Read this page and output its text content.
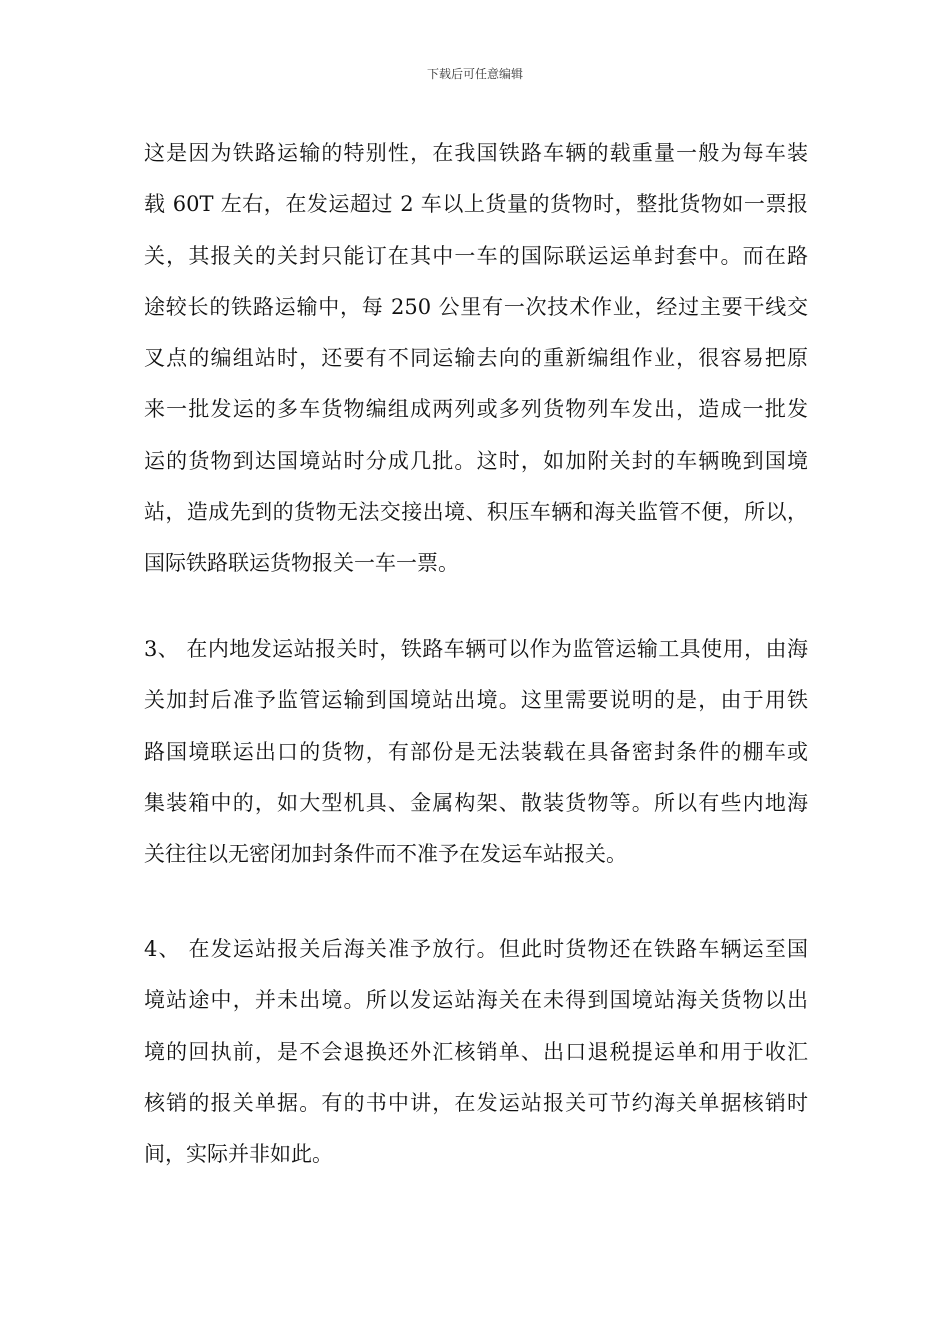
下载后可任意编辑
这是因为铁路运输的特别性，在我国铁路车辆的载重量一般为每车装
载 60T 左右，在发运超过 2 车以上货量的货物时，整批货物如一票报
关，其报关的关封只能订在其中一车的国际联运运单封套中。而在路
途较长的铁路运输中，每 250 公里有一次技术作业，经过主要干线交
叉点的编组站时，还要有不同运输去向的重新编组作业，很容易把原
来一批发运的多车货物编组成两列或多列货物列车发出，造成一批发
运的货物到达国境站时分成几批。这时，如加附关封的车辆晚到国境
站，造成先到的货物无法交接出境、积压车辆和海关监管不便，所以，
国际铁路联运货物报关一车一票。
3、 在内地发运站报关时，铁路车辆可以作为监管运输工具使用，由海
关加封后准予监管运输到国境站出境。这里需要说明的是，由于用铁
路国境联运出口的货物，有部份是无法装载在具备密封条件的棚车或
集装箱中的，如大型机具、金属构架、散装货物等。所以有些内地海
关往往以无密闭加封条件而不准予在发运车站报关。
4、 在发运站报关后海关准予放行。但此时货物还在铁路车辆运至国
境站途中，并未出境。所以发运站海关在未得到国境站海关货物以出
境的回执前，是不会退换还外汇核销单、出口退税提运单和用于收汇
核销的报关单据。有的书中讲，在发运站报关可节约海关单据核销时
间，实际并非如此。
